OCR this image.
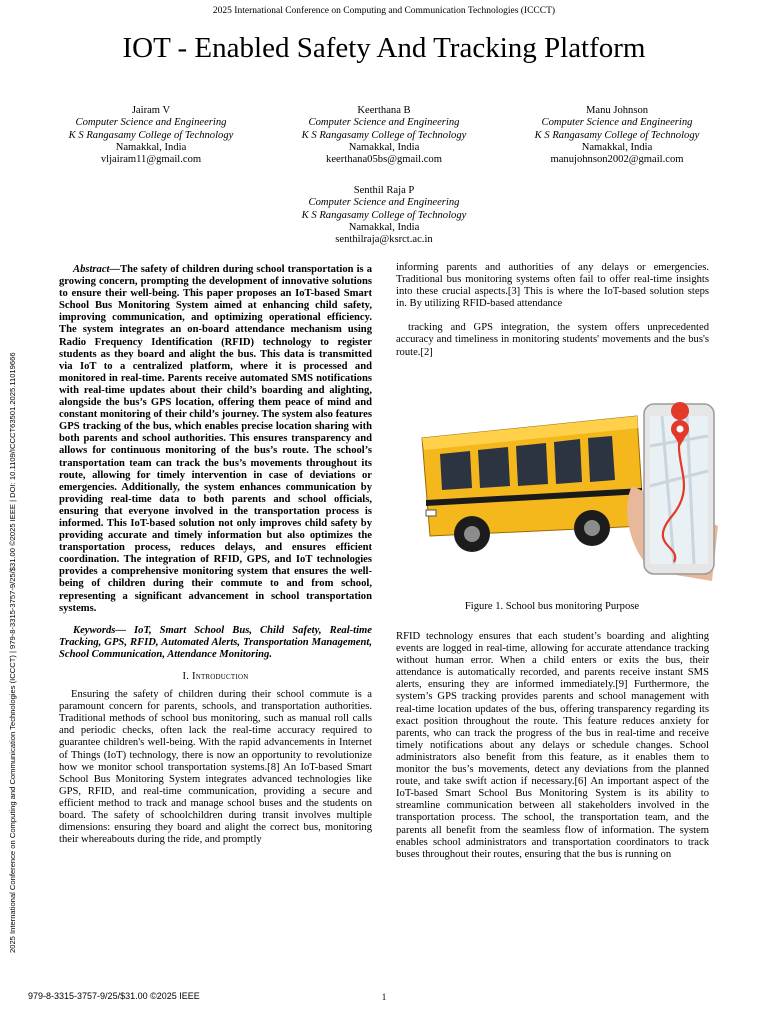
2025 International Conference on Computing and Communication Technologies (ICCCT)
2025 International Conference on Computing and Communication Technologies (ICCCT) | 979-8-3315-3757-9/25/$31.00 ©2025 IEEE | DOI: 10.1109/ICCCT63501.2025.11019666
IOT - Enabled Safety And Tracking Platform
Jairam V
Computer Science and Engineering
K S Rangasamy College of Technology
Namakkal, India
vljairam11@gmail.com
Keerthana B
Computer Science and Engineering
K S Rangasamy College of Technology
Namakkal, India
keerthana05bs@gmail.com
Manu Johnson
Computer Science and Engineering
K S Rangasamy College of Technology
Namakkal, India
manujohnson2002@gmail.com
Senthil Raja P
Computer Science and Engineering
K S Rangasamy College of Technology
Namakkal, India
senthilraja@ksrct.ac.in

Abstract—The safety of children during school transportation is a growing concern, prompting the development of innovative solutions to ensure their well-being. This paper proposes an IoT-based Smart School Bus Monitoring System aimed at enhancing child safety, improving communication, and optimizing operational efficiency. The system integrates an on-board attendance mechanism using Radio Frequency Identification (RFID) technology to register students as they board and alight the bus. This data is transmitted via IoT to a centralized platform, where it is processed and monitored in real-time. Parents receive automated SMS notifications with real-time updates about their child’s boarding and alighting, alongside the bus’s GPS location, offering them peace of mind and constant monitoring of their child’s journey. The system also features GPS tracking of the bus, which enables precise location sharing with both parents and school authorities. This ensures transparency and allows for continuous monitoring of the bus’s route. The school’s transportation team can track the bus’s movements throughout its route, allowing for timely intervention in case of deviations or emergencies. Additionally, the system enhances communication by providing real-time data to both parents and school officials, ensuring that everyone involved in the transportation process is informed. This IoT-based solution not only improves child safety by providing accurate and timely information but also optimizes the transportation process, reduces delays, and ensures efficient coordination. The integration of RFID, GPS, and IoT technologies provides a comprehensive monitoring system that ensures the well-being of children during their commute to and from school, representing a significant advancement in school transportation systems.

Keywords— IoT, Smart School Bus, Child Safety, Real-time Tracking, GPS, RFID, Automated Alerts, Transportation Management, School Communication, Attendance Monitoring.

I. Introduction

Ensuring the safety of children during their school commute is a paramount concern for parents, schools, and transportation authorities. Traditional methods of school bus monitoring, such as manual roll calls and periodic checks, often lack the real-time accuracy required to guarantee children's well-being. With the rapid advancements in Internet of Things (IoT) technology, there is now an opportunity to revolutionize how we monitor school transportation systems.[8] An IoT-based Smart School Bus Monitoring System integrates advanced technologies like GPS, RFID, and real-time communication, providing a secure and efficient method to track and manage school buses and the students on board. The safety of schoolchildren during transit involves multiple dimensions: ensuring they board and alight the correct bus, monitoring their whereabouts during the ride, and promptly

informing parents and authorities of any delays or emergencies. Traditional bus monitoring systems often fail to offer real-time insights into these crucial aspects.[3] This is where the IoT-based solution steps in. By utilizing RFID-based attendance

tracking and GPS integration, the system offers unprecedented accuracy and timeliness in monitoring students' movements and the bus's route.[2]

Figure 1. School bus monitoring Purpose

RFID technology ensures that each student’s boarding and alighting events are logged in real-time, allowing for accurate attendance tracking without human error. When a child enters or exits the bus, their attendance is automatically recorded, and parents receive instant SMS alerts, ensuring they are informed immediately.[9] Furthermore, the system’s GPS tracking provides parents and school management with real-time location updates of the bus, offering transparency regarding its exact position throughout the route. This feature reduces anxiety for parents, who can track the progress of the bus in real-time and receive timely notifications about any delays or schedule changes. School administrators also benefit from this feature, as it enables them to monitor the bus’s movements, detect any deviations from the planned route, and take swift action if necessary.[6] An important aspect of the IoT-based Smart School Bus Monitoring System is its ability to streamline communication between all stakeholders involved in the transportation process. The school, the transportation team, and the parents all benefit from the seamless flow of information. The system enables school administrators and transportation coordinators to track buses throughout their routes, ensuring that the bus is running on

979-8-3315-3757-9/25/$31.00 ©2025 IEEE	1
